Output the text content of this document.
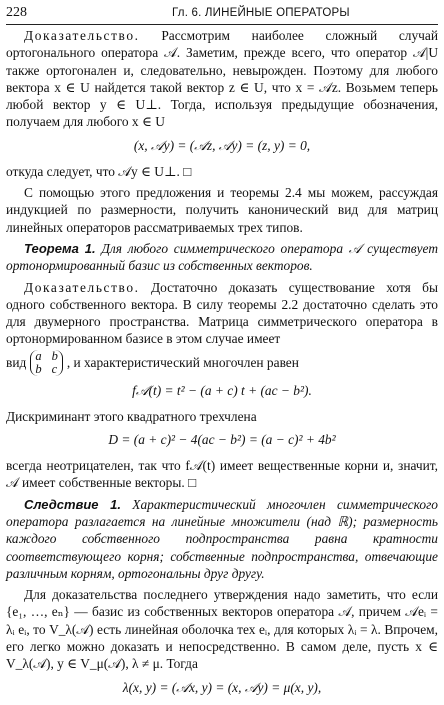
228	Гл. 6. ЛИНЕЙНЫЕ ОПЕРАТОРЫ

Доказательство. Рассмотрим наиболее сложный случай ортогонального оператора 𝒜. Заметим, прежде всего, что оператор 𝒜|U также ортогонален и, следовательно, невырожден. Поэтому для любого вектора x ∈ U найдется такой вектор z ∈ U, что x = 𝒜z. Возьмем теперь любой вектор y ∈ U⊥. Тогда, используя предыдущие обозначения, получаем для любого x ∈ U

(x, 𝒜y) = (𝒜z, 𝒜y) = (z, y) = 0,

откуда следует, что 𝒜y ∈ U⊥. □

С помощью этого предложения и теоремы 2.4 мы можем, рассуждая индукцией по размерности, получить канонический вид для матриц линейных операторов рассматриваемых трех типов.

Теорема 1. Для любого симметрического оператора 𝒜 существует ортонормированный базис из собственных векторов.

Доказательство. Достаточно доказать существование хотя бы одного собственного вектора. В силу теоремы 2.2 достаточно сделать это для двумерного пространства. Матрица симметрического оператора в ортонормированном базисе в этом случае имеет

вид a b
b c , и характеристический многочлен равен
f𝒜(t) = t² − (a + c) t + (ac − b²).

Дискриминант этого квадратного трехчлена

D = (a + c)² − 4(ac − b²) = (a − c)² + 4b²

всегда неотрицателен, так что f𝒜(t) имеет вещественные корни и, значит, 𝒜 имеет собственные векторы. □

Следствие 1. Характеристический многочлен симметрического оператора разлагается на линейные множители (над ℝ); размерность каждого собственного подпространства равна кратности соответствующего корня; собственные подпространства, отвечающие различным корням, ортогональны друг другу.

Для доказательства последнего утверждения надо заметить, что если {e₁, …, eₙ} — базис из собственных векторов оператора 𝒜, причем 𝒜eᵢ = λᵢ eᵢ, то V_λ(𝒜) есть линейная оболочка тех eᵢ, для которых λᵢ = λ. Впрочем, его легко можно доказать и непосредственно. В самом деле, пусть x ∈ V_λ(𝒜), y ∈ V_μ(𝒜), λ ≠ μ. Тогда

λ(x, y) = (𝒜x, y) = (x, 𝒜y) = μ(x, y),
